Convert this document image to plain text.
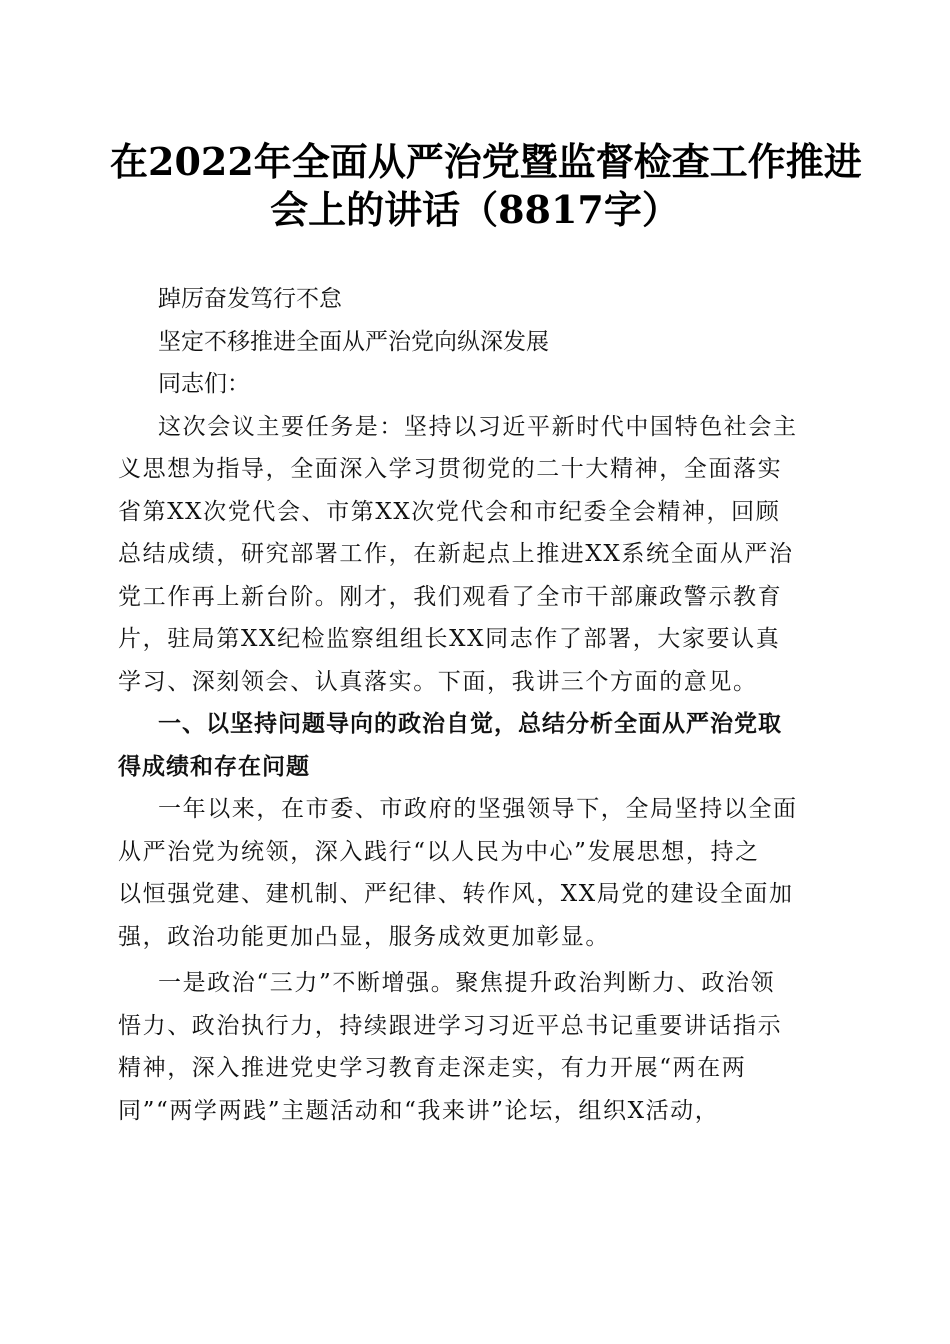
在2022年全面从严治党暨监督检查工作推进
会上的讲话（8817字）

踔厉奋发笃行不怠

坚定不移推进全面从严治党向纵深发展

同志们：

这次会议主要任务是：坚持以习近平新时代中国特色社会主
义思想为指导，全面深入学习贯彻党的二十大精神，全面落实
省第XX次党代会、市第XX次党代会和市纪委全会精神，回顾
总结成绩，研究部署工作，在新起点上推进XX系统全面从严治
党工作再上新台阶。刚才，我们观看了全市干部廉政警示教育
片，驻局第XX纪检监察组组长XX同志作了部署，大家要认真
学习、深刻领会、认真落实。下面，我讲三个方面的意见。
一、以坚持问题导向的政治自觉，总结分析全面从严治党取
得成绩和存在问题
一年以来，在市委、市政府的坚强领导下，全局坚持以全面
从严治党为统领，深入践行“以人民为中心”发展思想，持之
以恒强党建、建机制、严纪律、转作风，XX局党的建设全面加
强，政治功能更加凸显，服务成效更加彰显。
一是政治“三力”不断增强。聚焦提升政治判断力、政治领
悟力、政治执行力，持续跟进学习习近平总书记重要讲话指示
精神，深入推进党史学习教育走深走实，有力开展“两在两
同”“两学两践”主题活动和“我来讲”论坛，组织X活动，
